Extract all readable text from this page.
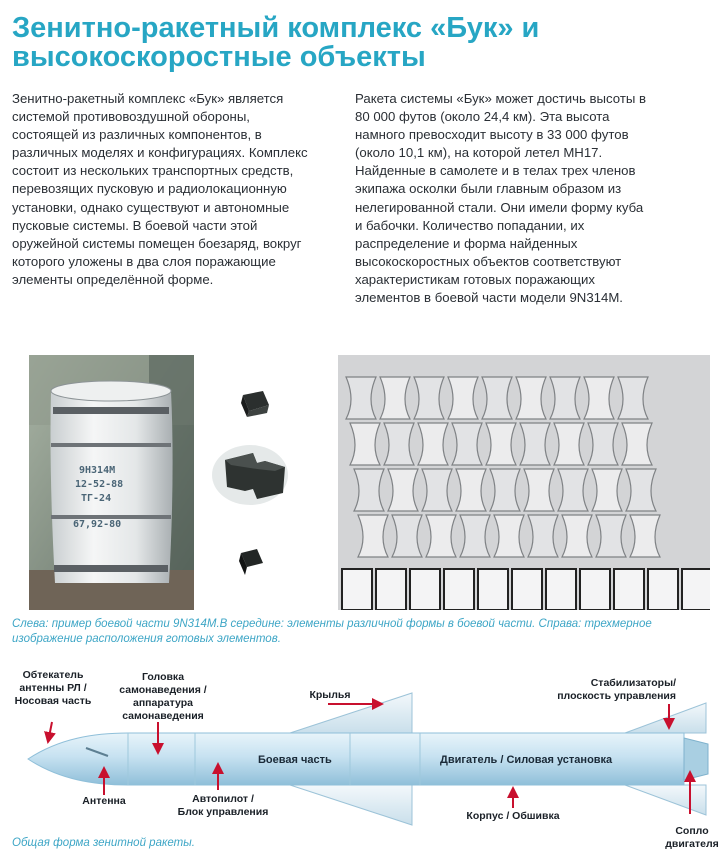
Зенитно-ракетный комплекс «Бук» и
высокоскоростные объекты
Зенитно-ракетный комплекс «Бук» является
системой противовоздушной обороны,
состоящей из различных компонентов, в
различных моделях и конфигурациях. Комплекс
состоит из нескольких транспортных средств,
перевозящих пусковую и радиолокационную
установки, однако существуют и автономные
пусковые системы. В боевой части этой
оружейной системы помещен боезаряд, вокруг
которого уложены в два слоя поражающие
элементы определённой форме.
Ракета системы «Бук» может достичь высоты в
80 000 футов (около 24,4 км). Эта высота
намного превосходит высоту в 33 000 футов
(около 10,1 км), на которой летел МН17.
Найденные в самолете и в телах трех членов
экипажа осколки были главным образом из
нелегированной стали. Они имели форму куба
и бабочки. Количество попадании, их
распределение и форма найденных
высокоскоростных объектов соответствуют
характеристикам готовых поражающих
элементов в боевой части модели 9N314M.
9Н314М
12-52-88
ТГ-24
67,92-80
Слева: пример боевой части 9N314M.В середине: элементы различной формы в боевой части. Справа: трехмерное изображение расположения готовых элементов.
Обтекатель
антенны РЛ /
Носовая часть
Головка
самонаведения /
аппаратура
самонаведения
Крылья
Стабилизаторы/
плоскость управления
Боевая часть	Двигатель / Силовая установка
Антенна	Автопилот /
Блок управления	Корпус / Обшивка
Сопло
двигателя
Общая форма зенитной ракеты.
